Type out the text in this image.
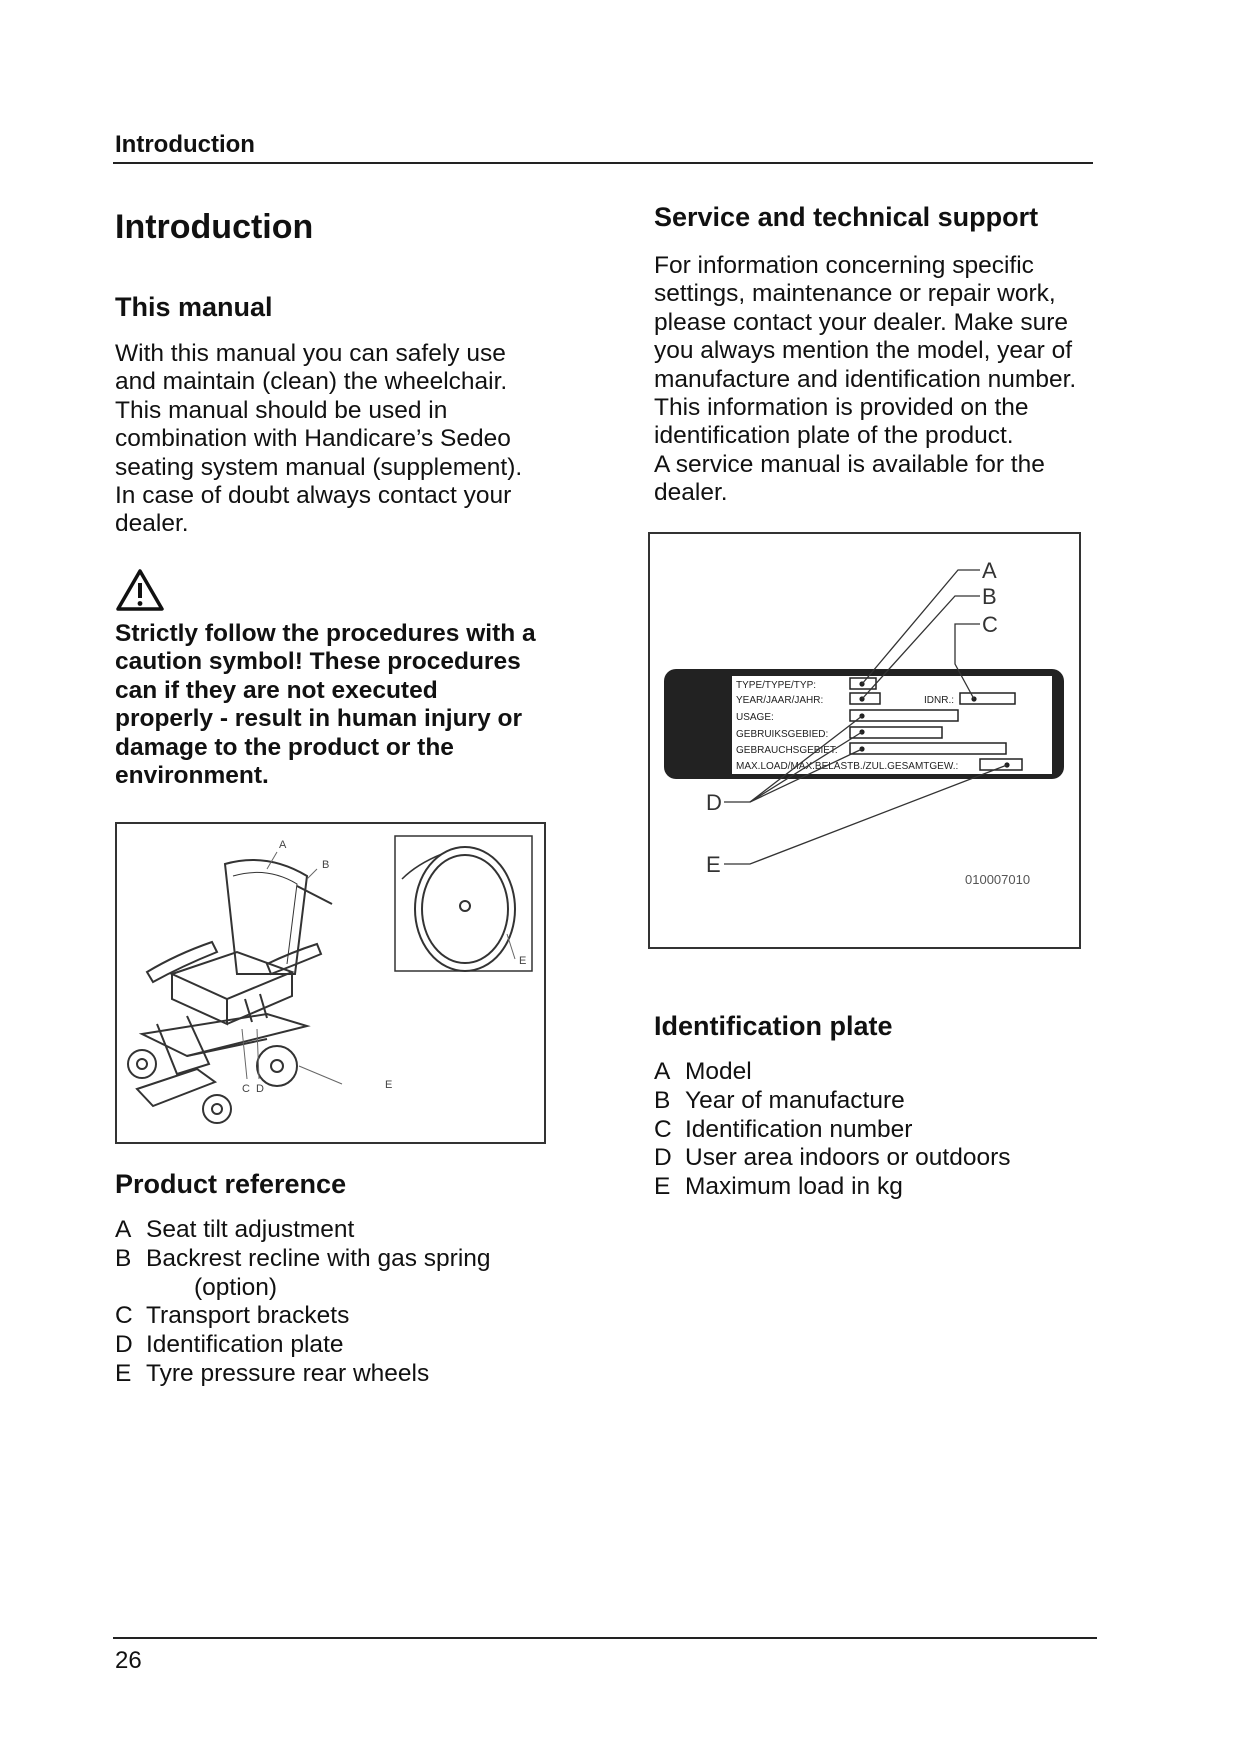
Introduction
Introduction
This manual
With this manual you can safely use
and maintain (clean) the wheelchair.
This manual should be used in
combination with Handicare’s Sedeo
seating system manual (supplement).
In case of doubt always contact your
dealer.
Strictly follow the procedures with a
caution symbol! These procedures
can if they are not executed
properly - result in human injury or
damage to the product or the
environment.
A
B
C D
E
E
Product reference
A Seat tilt adjustment
B Backrest recline with gas spring
(option)
C Transport brackets
D Identification plate
E Tyre pressure rear wheels
Service and technical support
For information concerning specific
settings, maintenance or repair work,
please contact your dealer. Make sure
you always mention the model, year of
manufacture and identification number.
This information is provided on the
identification plate of the product.
A service manual is available for the
dealer.
TYPE/TYPE/TYP:
YEAR/JAAR/JAHR:	IDNR.:
USAGE:
GEBRUIKSGEBIED:
GEBRAUCHSGEBIET:
MAX.LOAD/MAX.BELASTB./ZUL.GESAMTGEW.:
A
B
C
D
E
010007010
Identification plate
A Model
B Year of manufacture
C Identification number
D User area indoors or outdoors
E Maximum load in kg
26
